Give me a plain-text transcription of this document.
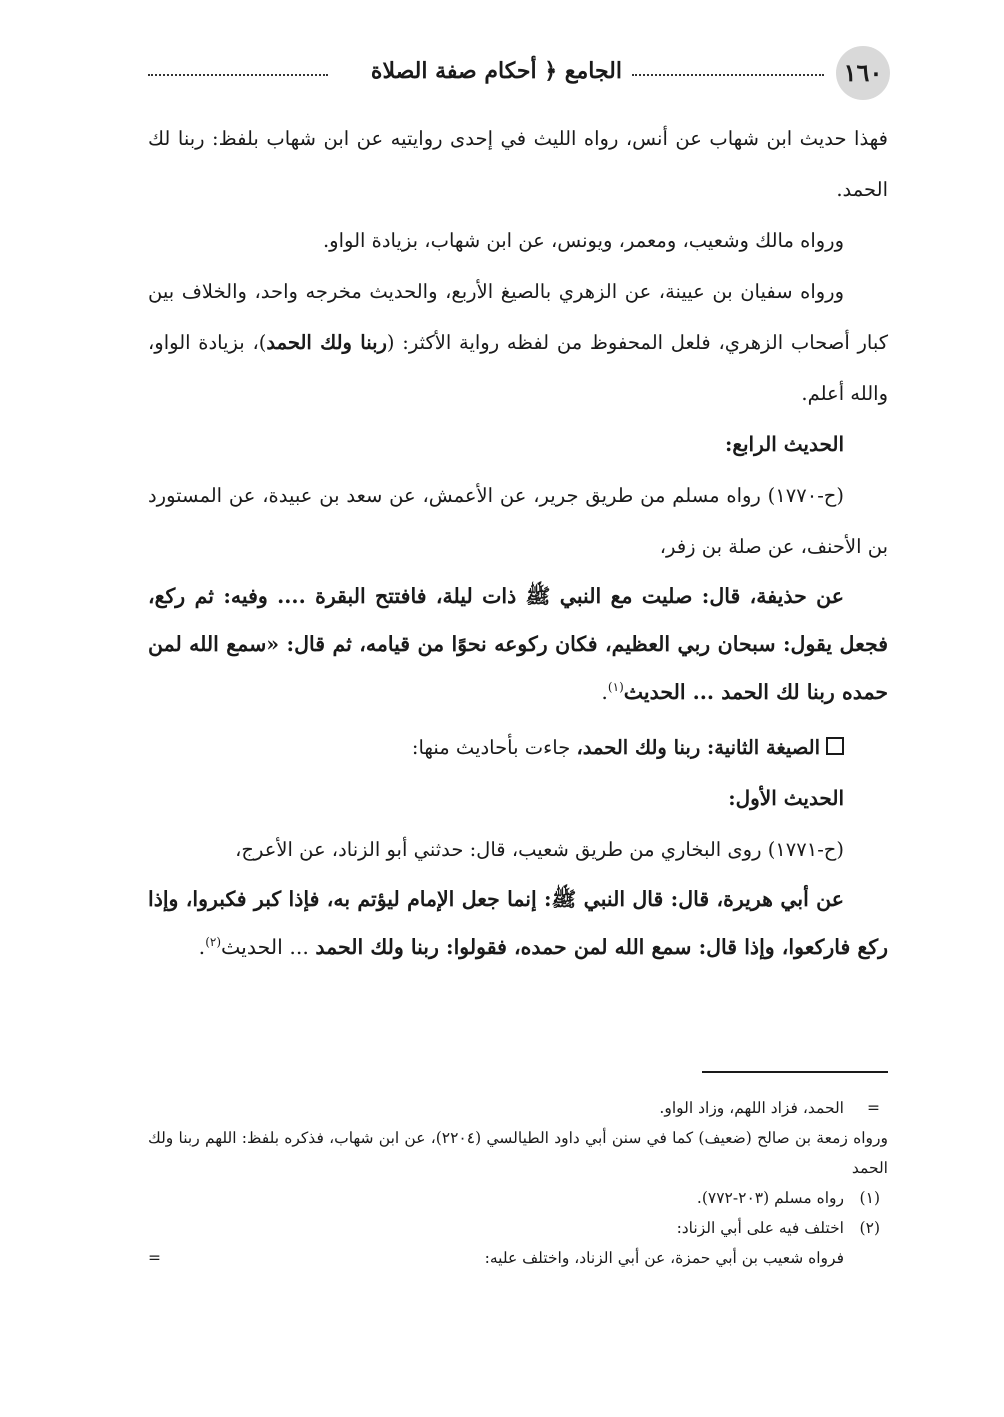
١٦٠
الجامع ﴿ أحكام صفة الصلاة
فهذا حديث ابن شهاب عن أنس، رواه الليث في إحدى روايتيه عن ابن شهاب بلفظ: ربنا لك الحمد.
ورواه مالك وشعيب، ومعمر، ويونس، عن ابن شهاب، بزيادة الواو.
ورواه سفيان بن عيينة، عن الزهري بالصيغ الأربع، والحديث مخرجه واحد، والخلاف بين كبار أصحاب الزهري، فلعل المحفوظ من لفظه رواية الأكثر: (ربنا ولك الحمد)، بزيادة الواو، والله أعلم.
الحديث الرابع:
(ح-١٧٧٠) رواه مسلم من طريق جرير، عن الأعمش، عن سعد بن عبيدة، عن المستورد بن الأحنف، عن صلة بن زفر،
عن حذيفة، قال: صليت مع النبي ﷺ ذات ليلة، فافتتح البقرة .... وفيه: ثم ركع، فجعل يقول: سبحان ربي العظيم، فكان ركوعه نحوًا من قيامه، ثم قال: «سمع الله لمن حمده ربنا لك الحمد ... الحديث$^{(١)}$.
الصيغة الثانية: ربنا ولك الحمد، جاءت بأحاديث منها:
الحديث الأول:
(ح-١٧٧١) روى البخاري من طريق شعيب، قال: حدثني أبو الزناد، عن الأعرج،
عن أبي هريرة، قال: قال النبي ﷺ: إنما جعل الإمام ليؤتم به، فإذا كبر فكبروا، وإذا ركع فاركعوا، وإذا قال: سمع الله لمن حمده، فقولوا: ربنا ولك الحمد ... الحديث$^{(٢)}$.
=
الحمد، فزاد اللهم، وزاد الواو.
ورواه زمعة بن صالح (ضعيف) كما في سنن أبي داود الطيالسي (٢٢٠٤)، عن ابن شهاب، فذكره بلفظ: اللهم ربنا ولك الحمد
(١)
رواه مسلم (٢٠٣-٧٧٢).
(٢)
اختلف فيه على أبي الزناد:
فرواه شعيب بن أبي حمزة، عن أبي الزناد، واختلف عليه:
=
